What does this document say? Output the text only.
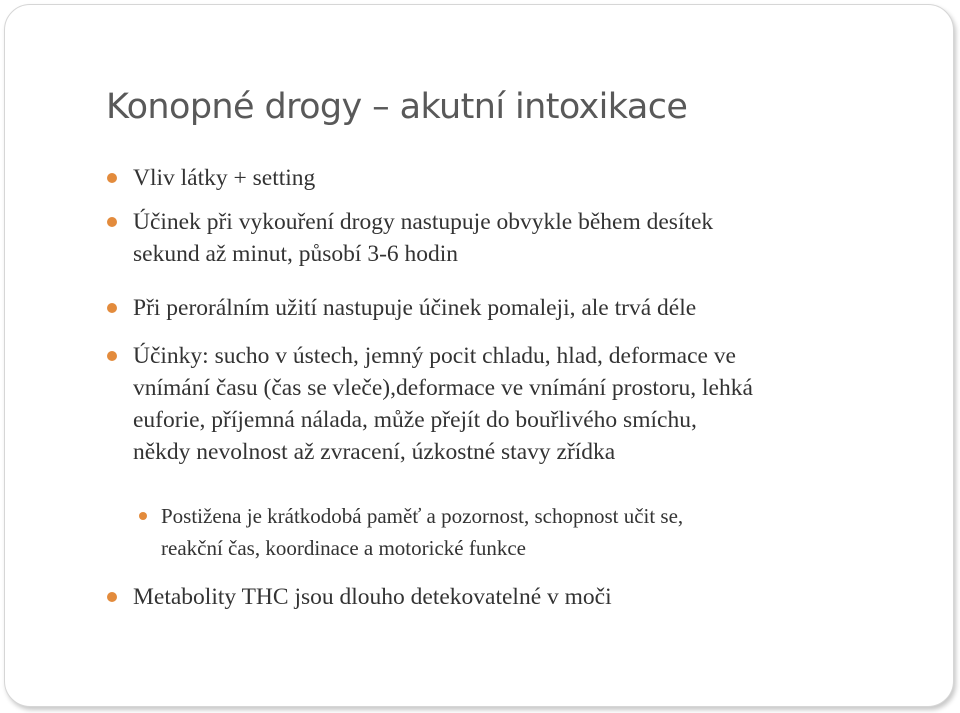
Konopné drogy – akutní intoxikace

Vliv látky + setting

Účinek při vykouření drogy nastupuje obvykle během desítek
sekund až minut, působí 3-6 hodin

Při perorálním užití nastupuje účinek pomaleji, ale trvá déle

Účinky: sucho v ústech, jemný pocit chladu, hlad, deformace ve
vnímání času (čas se vleče),deformace ve vnímání prostoru, lehká
euforie, příjemná nálada, může přejít do bouřlivého smíchu,
někdy nevolnost až zvracení, úzkostné stavy zřídka

Postižena je krátkodobá paměť a pozornost, schopnost učit se,
reakční čas, koordinace a motorické funkce

Metabolity THC jsou dlouho detekovatelné v moči
